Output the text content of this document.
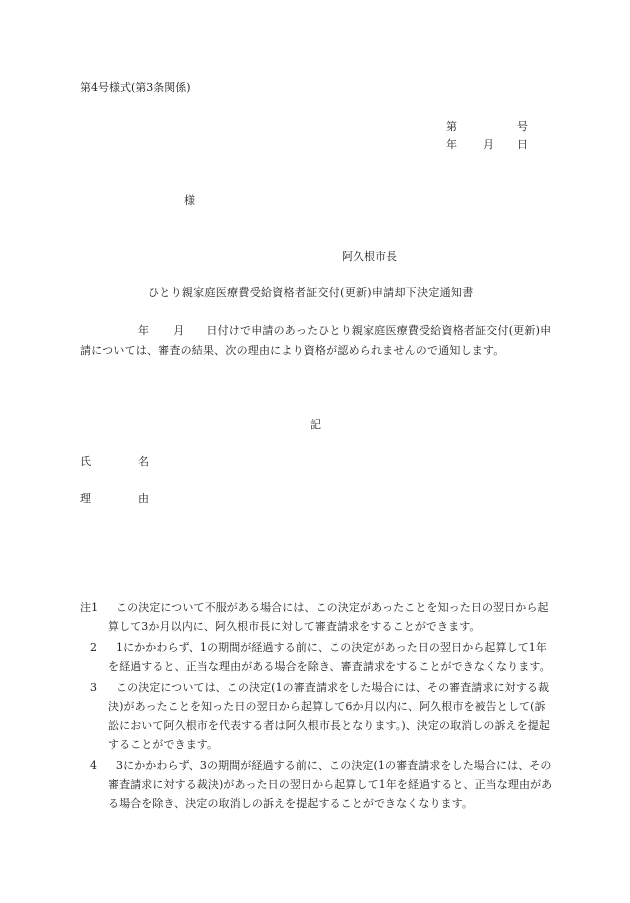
第4号様式(第3条関係)
第	号
年 月 日
様
阿久根市長
ひとり親家庭医療費受給資格者証交付(更新)申請却下決定通知書
年 月 日付けで申請のあったひとり親家庭医療費受給資格者証交付(更新)申請については、審査の結果、次の理由により資格が認められませんので通知します。
記
氏	名
理	由
注1	この決定について不服がある場合には、この決定があったことを知った日の翌日から起算して3か月以内に、阿久根市長に対して審査請求をすることができます。
2	1にかかわらず、1の期間が経過する前に、この決定があった日の翌日から起算して1年を経過すると、正当な理由がある場合を除き、審査請求をすることができなくなります。
3	この決定については、この決定(1の審査請求をした場合には、その審査請求に対する裁決)があったことを知った日の翌日から起算して6か月以内に、阿久根市を被告として(訴訟において阿久根市を代表する者は阿久根市長となります。)、決定の取消しの訴えを提起することができます。
4	3にかかわらず、3の期間が経過する前に、この決定(1の審査請求をした場合には、その審査請求に対する裁決)があった日の翌日から起算して1年を経過すると、正当な理由がある場合を除き、決定の取消しの訴えを提起することができなくなります。
